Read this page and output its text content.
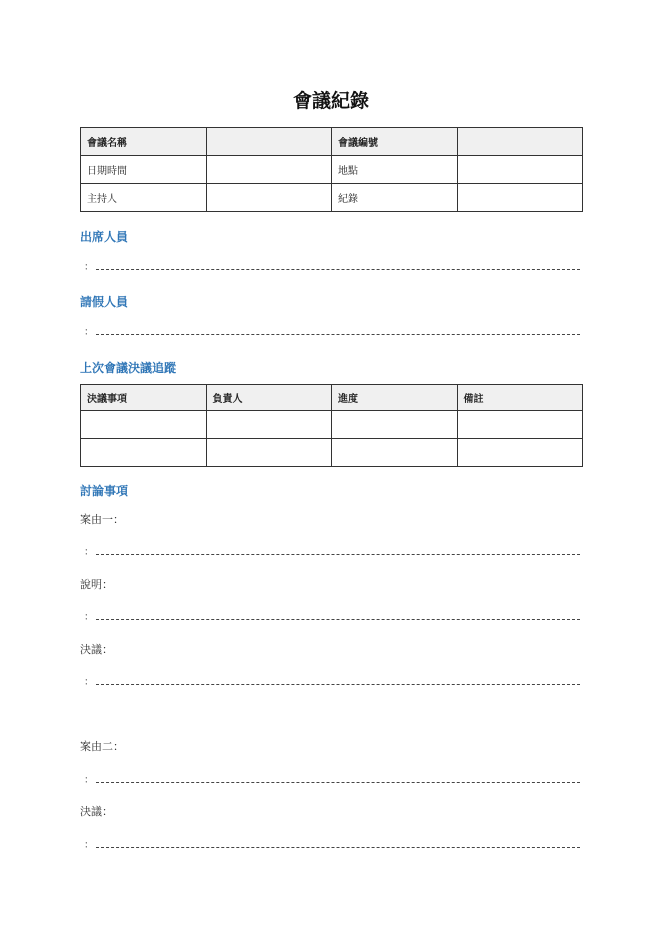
會議紀錄
會議名稱		會議編號	
日期時間		地點	
主持人		紀錄	
出席人員
：
請假人員
：
上次會議決議追蹤
決議事項	負責人	進度	備註

討論事項
案由一：
：
說明：
：
決議：
：
案由二：
：
決議：
：
